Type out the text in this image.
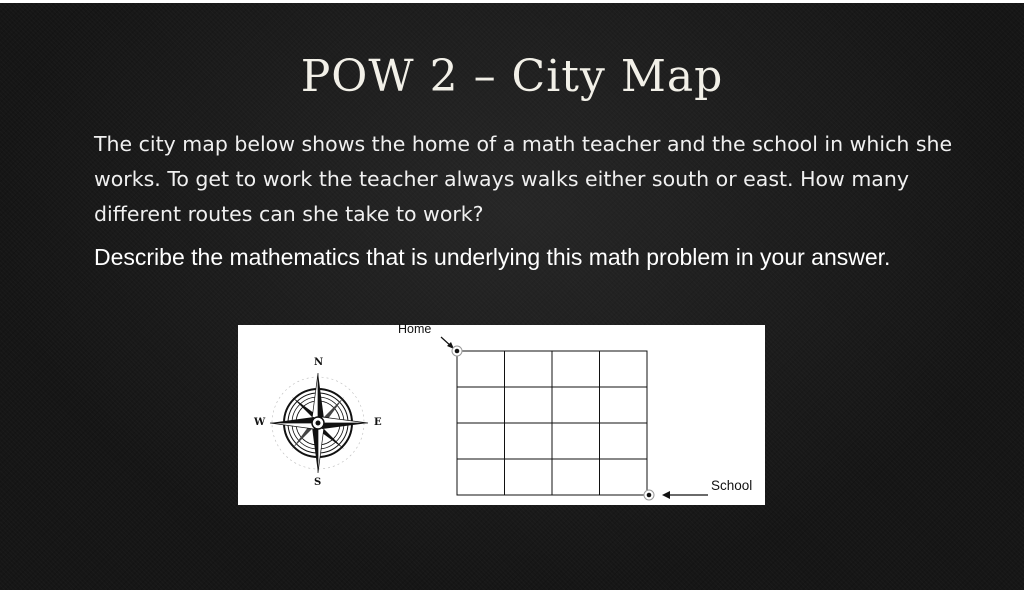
POW 2 – City Map

The city map below shows the home of a math teacher and the school in which she works. To get to work the teacher always walks either south or east. How many different routes can she take to work?

Describe the mathematics that is underlying this math problem in your answer.

N
S
E
W
Home
School
